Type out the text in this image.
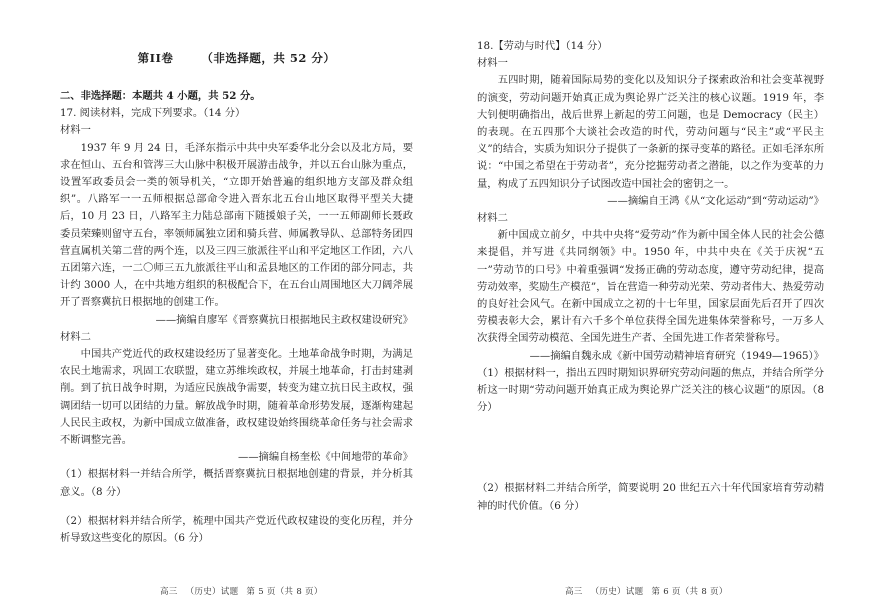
第II卷 （非选择题，共 52 分）

二、非选择题：本题共 4 小题，共 52 分。

17. 阅读材料，完成下列要求。（14 分）

材料一

1937 年 9 月 24 日，毛泽东指示中共中央军委华北分会以及北方局，要求在恒山、五台和管涔三大山脉中积极开展游击战争，并以五台山脉为重点，设置军政委员会一类的领导机关，“立即开始普遍的组织地方支部及群众组织”。八路军一一五师根据总部命令进入晋东北五台山地区取得平型关大捷后，10 月 23 日，八路军主力陆总部南下随援娘子关，一一五师副师长聂政委员荣臻则留守五台，率领师属独立团和骑兵营、师属教导队、总部特务团四营直属机关第二营的两个连，以及三四三旅派往平山和平定地区工作团，六八五团第六连，一二〇师三五九旅派往平山和孟县地区的工作团的部分同志，共计约 3000 人，在中共地方组织的积极配合下，在五台山周围地区大刀阔斧展开了晋察冀抗日根据地的创建工作。

——摘编自廖军《晋察冀抗日根据地民主政权建设研究》

材料二

中国共产党近代的政权建设经历了显著变化。土地革命战争时期，为满足农民土地需求，巩固工农联盟，建立苏维埃政权，并展土地革命，打击封建剥削。到了抗日战争时期，为适应民族战争需要，转变为建立抗日民主政权，强调团结一切可以团结的力量。解放战争时期，随着革命形势发展，逐渐构建起人民民主政权，为新中国成立做准备，政权建设始终围绕革命任务与社会需求不断调整完善。

——摘编自杨奎松《中间地带的革命》

（1）根据材料一并结合所学，概括晋察冀抗日根据地创建的背景，并分析其意义。（8 分）

（2）根据材料并结合所学，梳理中国共产党近代政权建设的变化历程，并分析导致这些变化的原因。（6 分）

18.【劳动与时代】（14 分）

材料一

五四时期，随着国际局势的变化以及知识分子探索政治和社会变革视野的演变，劳动问题开始真正成为舆论界广泛关注的核心议题。1919 年，李大钊便明确指出，战后世界上新起的劳工问题，也是 Democracy（民主）的表现。在五四那个大谈社会改造的时代，劳动问题与“民主”或“平民主义”的结合，实质为知识分子提供了一条新的探寻变革的路径。正如毛泽东所说：“中国之希望在于劳动者”，充分挖掘劳动者之潜能，以之作为变革的力量，构成了五四知识分子试图改造中国社会的密钥之一。

——摘编自王鸿《从“文化运动”到“劳动运动”》

材料二

新中国成立前夕，中共中央将“爱劳动”作为新中国全体人民的社会公德来提倡，并写进《共同纲领》中。1950 年，中共中央在《关于庆祝“五一”劳动节的口号》中着重强调“发扬正确的劳动态度，遵守劳动纪律，提高劳动效率，奖励生产模范”，旨在营造一种劳动光荣、劳动者伟大、热爱劳动的良好社会风气。在新中国成立之初的十七年里，国家层面先后召开了四次劳模表彰大会，累计有六千多个单位获得全国先进集体荣誉称号，一万多人次获得全国劳动模范、全国先进生产者、全国先进工作者荣誉称号。

——摘编自魏永成《新中国劳动精神培育研究（1949—1965）》

（1）根据材料一，指出五四时期知识界研究劳动问题的焦点，并结合所学分析这一时期“劳动问题开始真正成为舆论界广泛关注的核心议题”的原因。（8 分）

（2）根据材料二并结合所学，简要说明 20 世纪五六十年代国家培育劳动精神的时代价值。（6 分）

高三 （历史）试题 第 5 页（共 8 页）	高三 （历史）试题 第 6 页（共 8 页）
